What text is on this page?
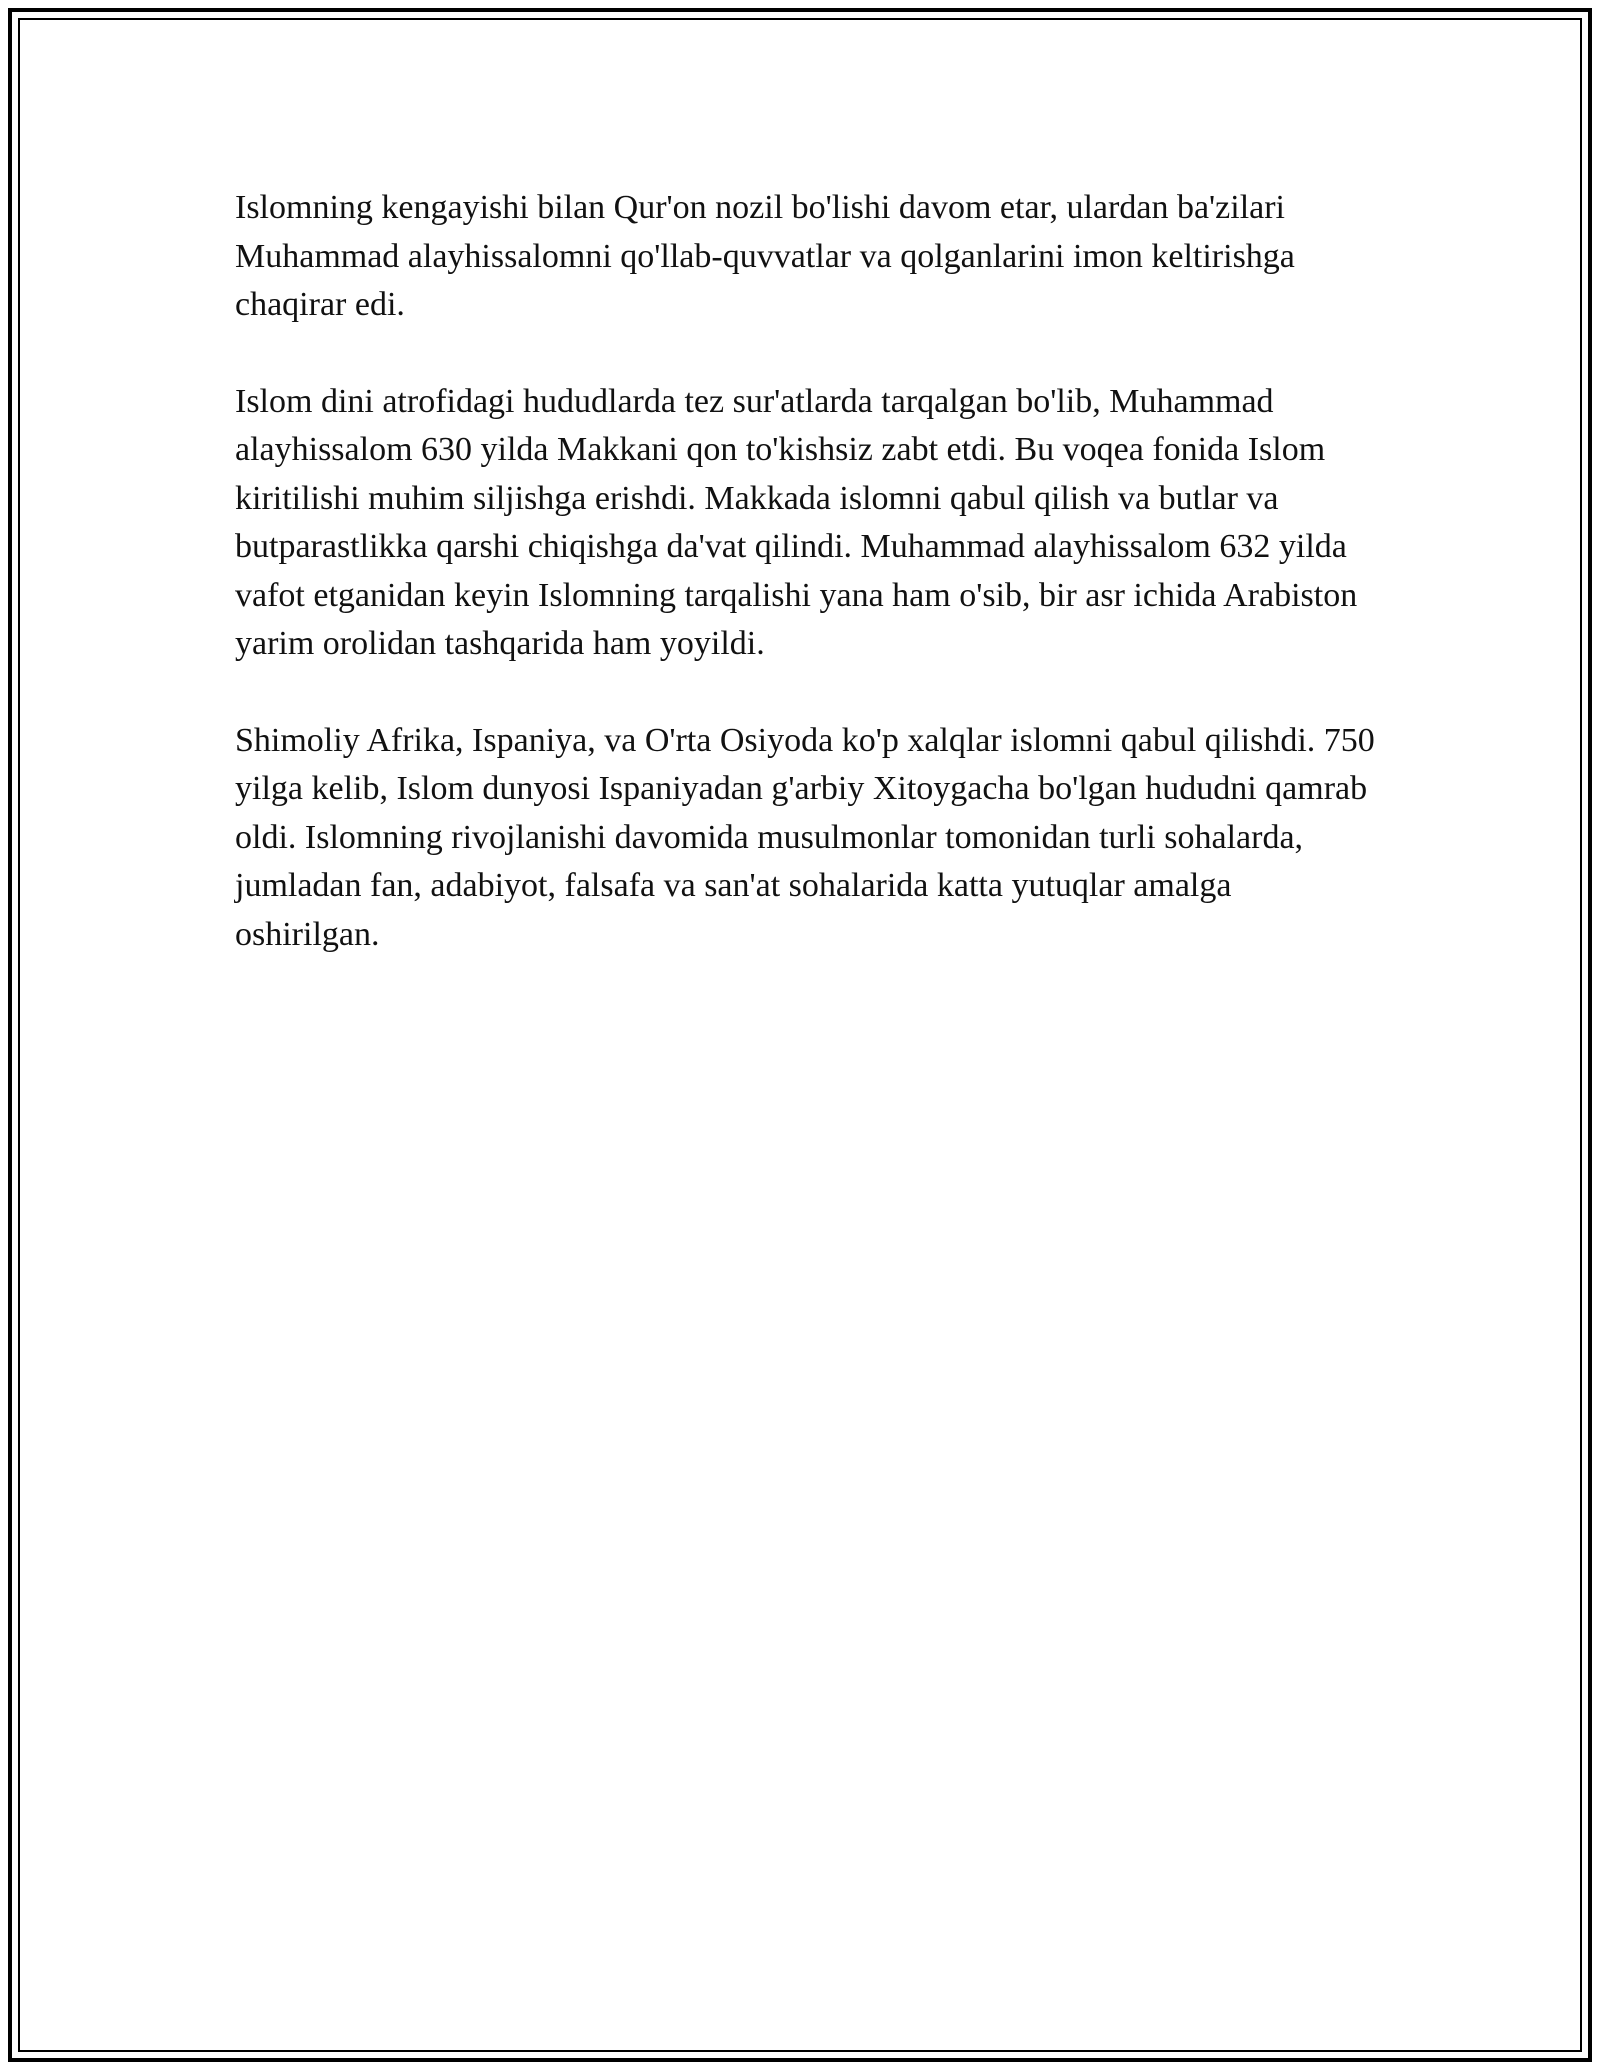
Islomning kengayishi bilan Qur'on nozil bo'lishi davom etar, ulardan ba'zilari Muhammad alayhissalomni qo'llab-quvvatlar va qolganlarini imon keltirishga chaqirar edi.

Islom dini atrofidagi hududlarda tez sur'atlarda tarqalgan bo'lib, Muhammad alayhissalom 630 yilda Makkani qon to'kishsiz zabt etdi. Bu voqea fonida Islom kiritilishi muhim siljishga erishdi. Makkada islomni qabul qilish va butlar va butparastlikka qarshi chiqishga da'vat qilindi. Muhammad alayhissalom 632 yilda vafot etganidan keyin Islomning tarqalishi yana ham o'sib, bir asr ichida Arabiston yarim orolidan tashqarida ham yoyildi.

Shimoliy Afrika, Ispaniya, va O'rta Osiyoda ko'p xalqlar islomni qabul qilishdi. 750 yilga kelib, Islom dunyosi Ispaniyadan g'arbiy Xitoygacha bo'lgan hududni qamrab oldi. Islomning rivojlanishi davomida musulmonlar tomonidan turli sohalarda, jumladan fan, adabiyot, falsafa va san'at sohalarida katta yutuqlar amalga oshirilgan.
